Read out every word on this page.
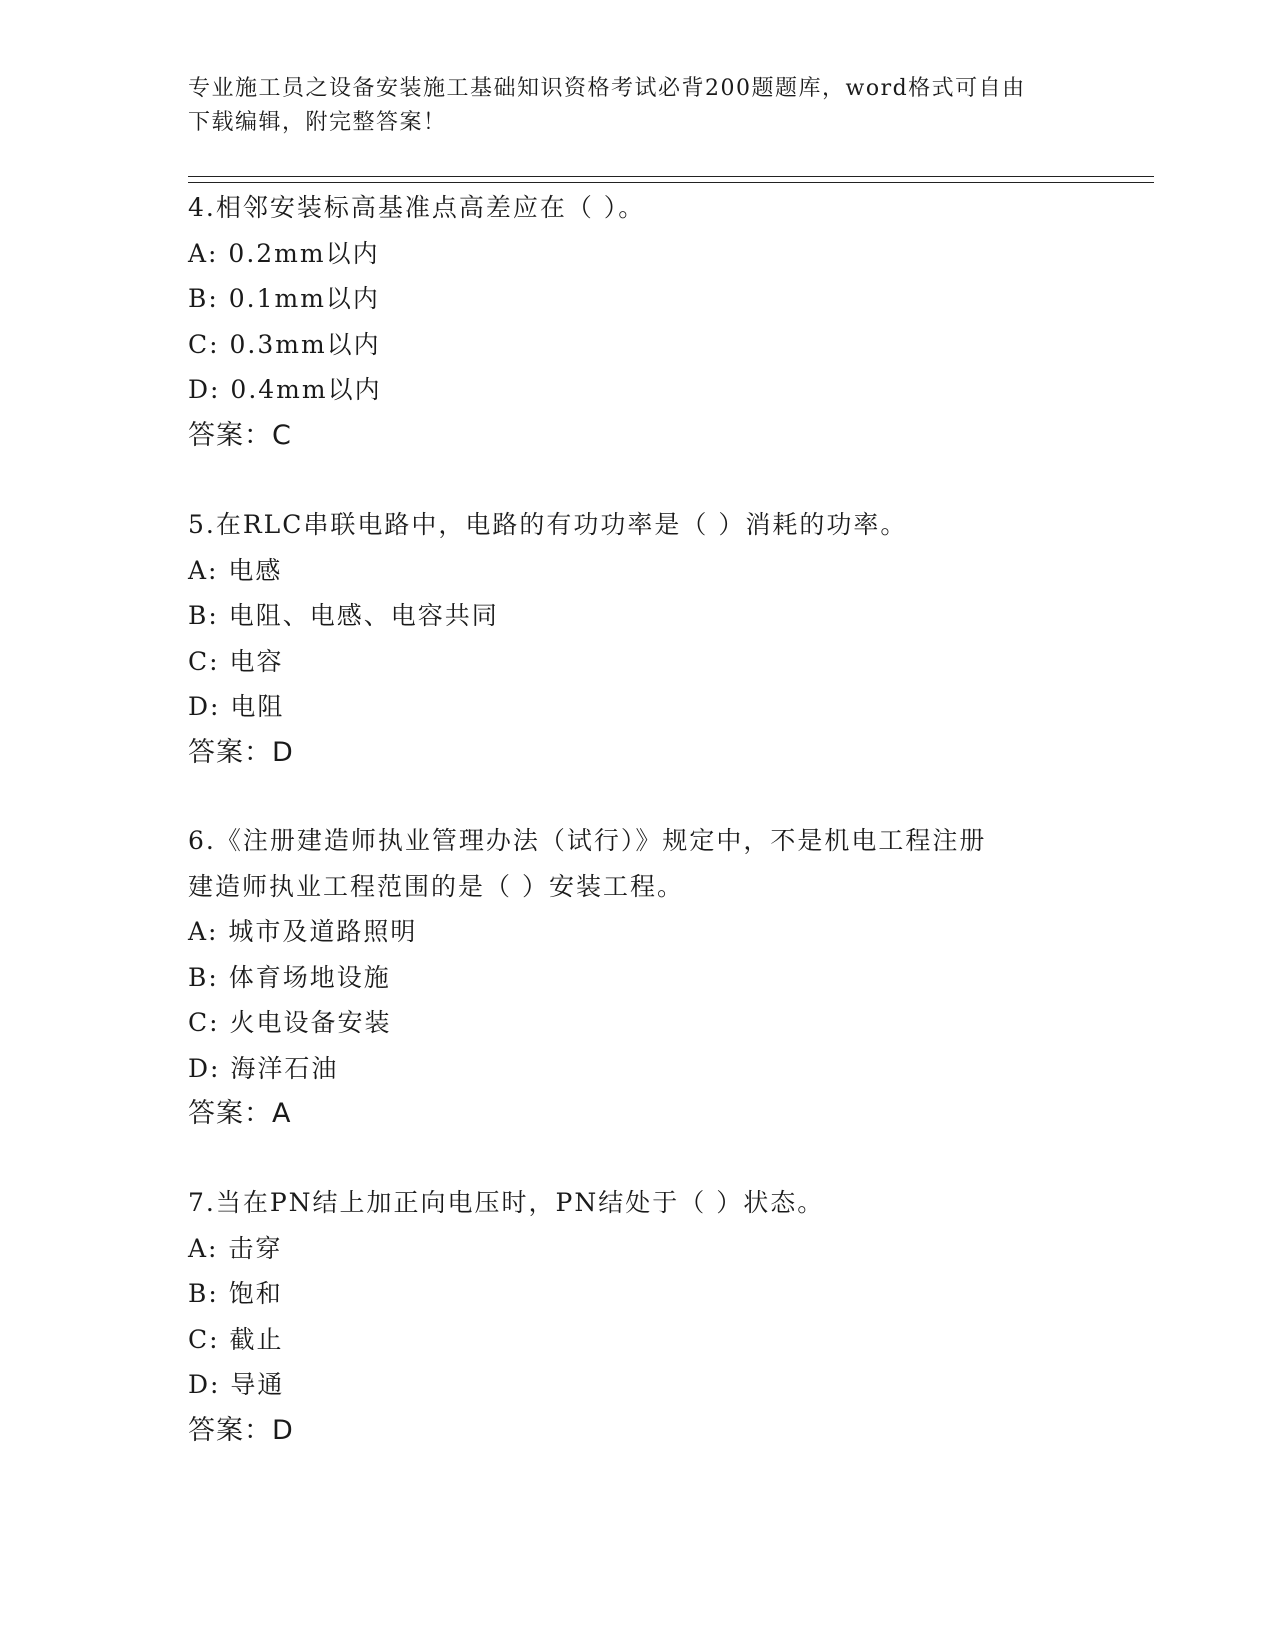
专业施工员之设备安装施工基础知识资格考试必背200题题库，word格式可自由
下载编辑，附完整答案！
4.相邻安装标高基准点高差应在（ ）。
A: 0.2mm以内
B: 0.1mm以内
C: 0.3mm以内
D: 0.4mm以内
答案：C
5.在RLC串联电路中，电路的有功功率是（ ）消耗的功率。
A: 电感
B: 电阻、电感、电容共同
C: 电容
D: 电阻
答案：D
6.《注册建造师执业管理办法（试行）》规定中，不是机电工程注册
建造师执业工程范围的是（ ）安装工程。
A: 城市及道路照明
B: 体育场地设施
C: 火电设备安装
D: 海洋石油
答案：A
7.当在PN结上加正向电压时，PN结处于（ ）状态。
A: 击穿
B: 饱和
C: 截止
D: 导通
答案：D
